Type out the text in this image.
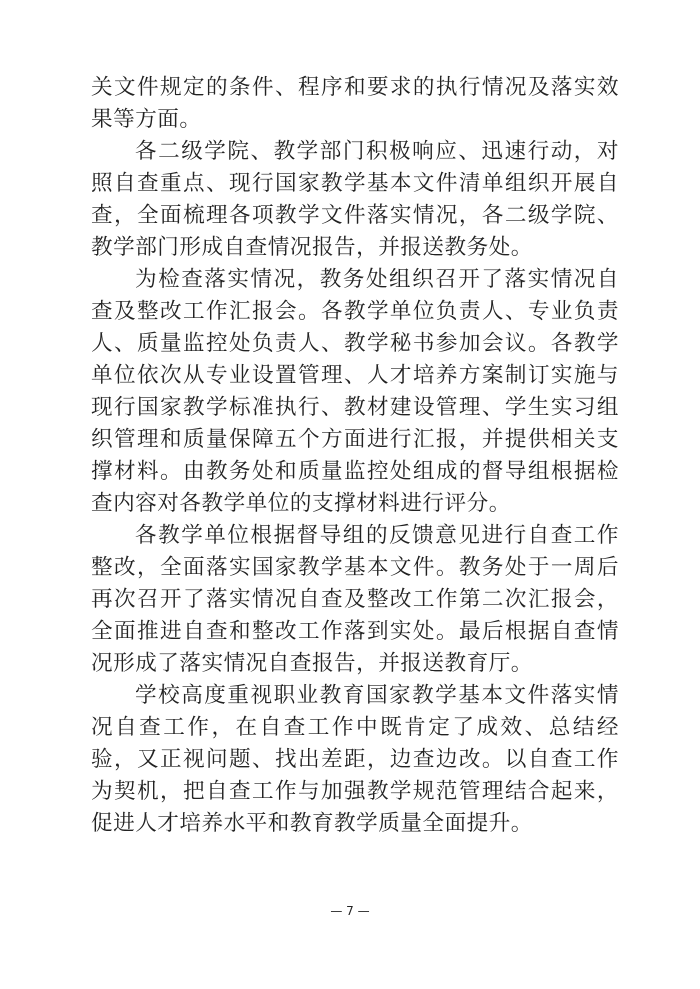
关文件规定的条件、程序和要求的执行情况及落实效果等方面。

各二级学院、教学部门积极响应、迅速行动，对照自查重点、现行国家教学基本文件清单组织开展自查，全面梳理各项教学文件落实情况，各二级学院、教学部门形成自查情况报告，并报送教务处。

为检查落实情况，教务处组织召开了落实情况自查及整改工作汇报会。各教学单位负责人、专业负责人、质量监控处负责人、教学秘书参加会议。各教学单位依次从专业设置管理、人才培养方案制订实施与现行国家教学标准执行、教材建设管理、学生实习组织管理和质量保障五个方面进行汇报，并提供相关支撑材料。由教务处和质量监控处组成的督导组根据检查内容对各教学单位的支撑材料进行评分。

各教学单位根据督导组的反馈意见进行自查工作整改，全面落实国家教学基本文件。教务处于一周后再次召开了落实情况自查及整改工作第二次汇报会，全面推进自查和整改工作落到实处。最后根据自查情况形成了落实情况自查报告，并报送教育厅。

学校高度重视职业教育国家教学基本文件落实情况自查工作，在自查工作中既肯定了成效、总结经验，又正视问题、找出差距，边查边改。以自查工作为契机，把自查工作与加强教学规范管理结合起来，促进人才培养水平和教育教学质量全面提升。

— 7 —
